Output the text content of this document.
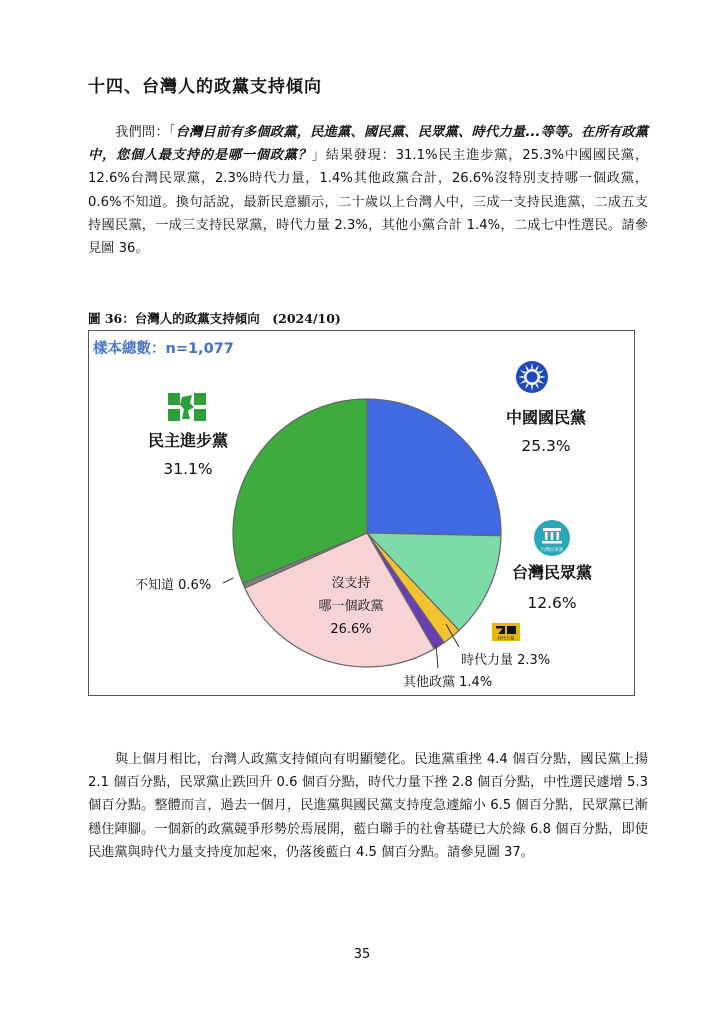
十四、台灣人的政黨支持傾向

我們問：「台灣目前有多個政黨，民進黨、國民黨、民眾黨、時代力量...等等。在所有政黨中，您個人最支持的是哪一個政黨？」結果發現：31.1%民主進步黨，25.3%中國國民黨，12.6%台灣民眾黨，2.3%時代力量，1.4%其他政黨合計，26.6%沒特別支持哪一個政黨，0.6%不知道。換句話說，最新民意顯示，二十歲以上台灣人中，三成一支持民進黨，二成五支持國民黨，一成三支持民眾黨，時代力量 2.3%，其他小黨合計 1.4%，二成七中性選民。請參見圖 36。

圖 36：台灣人的政黨支持傾向　(2024/10)
樣本總數：n=1,077
台灣民眾黨
時代力量
中國國民黨
25.3%
民主進步黨
31.1%
台灣民眾黨
12.6%
沒支持
哪一個政黨
26.6%
不知道 0.6%
時代力量 2.3%
其他政黨 1.4%

與上個月相比，台灣人政黨支持傾向有明顯變化。民進黨重挫 4.4 個百分點，國民黨上揚 2.1 個百分點，民眾黨止跌回升 0.6 個百分點，時代力量下挫 2.8 個百分點，中性選民遽增 5.3 個百分點。整體而言，過去一個月，民進黨與國民黨支持度急遽縮小 6.5 個百分點，民眾黨已漸穩住陣腳。一個新的政黨競爭形勢於焉展開，藍白聯手的社會基礎已大於綠 6.8 個百分點，即使民進黨與時代力量支持度加起來，仍落後藍白 4.5 個百分點。請參見圖 37。

35
